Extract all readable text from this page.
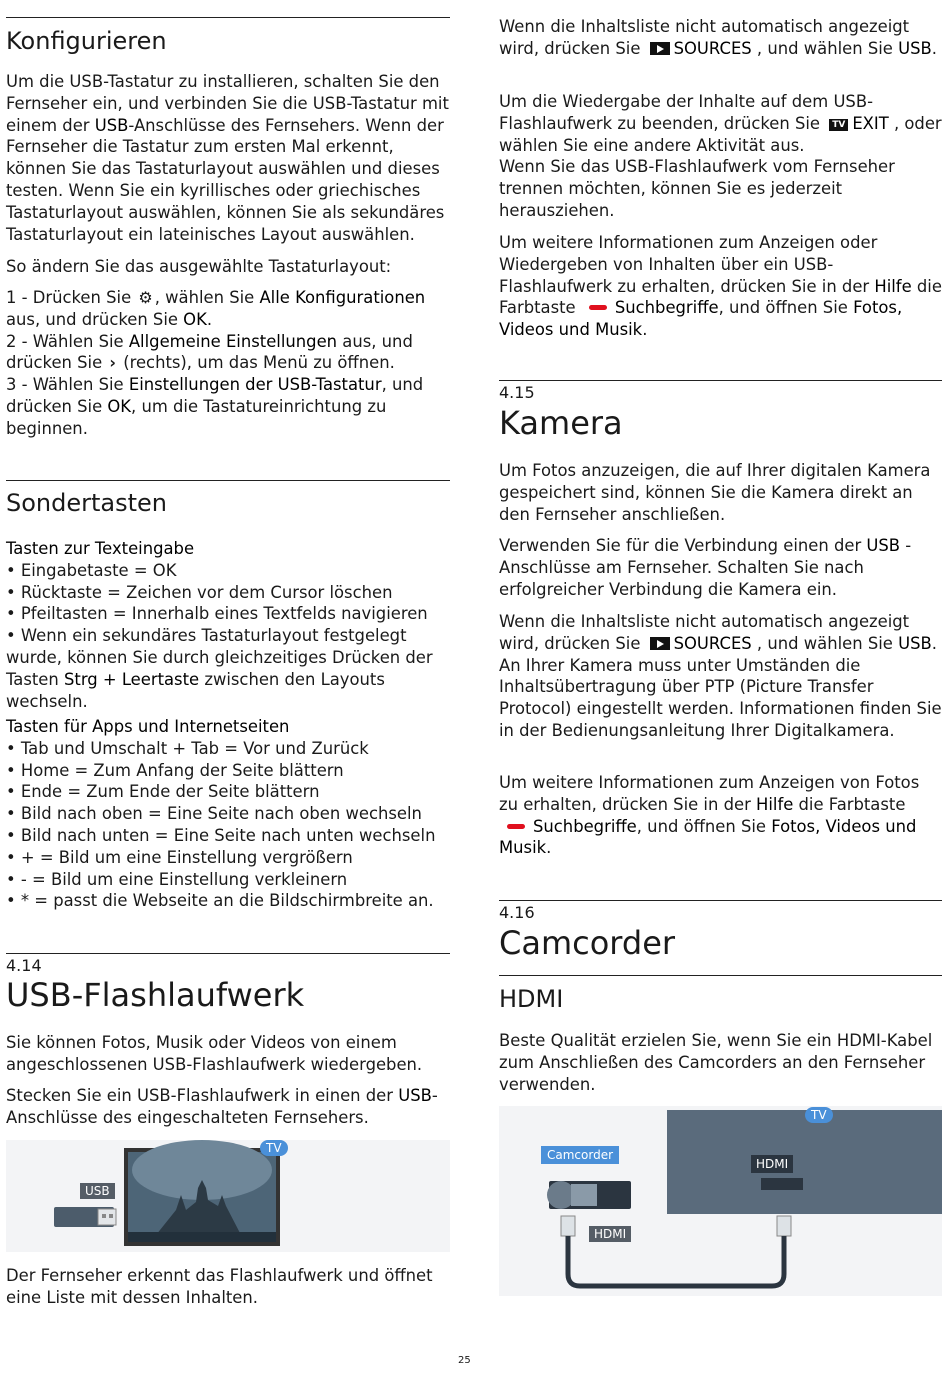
Konfigurieren

Um die USB-Tastatur zu installieren, schalten Sie den Fernseher ein, und verbinden Sie die USB-Tastatur mit einem der USB-Anschlüsse des Fernsehers. Wenn der Fernseher die Tastatur zum ersten Mal erkennt, können Sie das Tastaturlayout auswählen und dieses testen. Wenn Sie ein kyrillisches oder griechisches Tastaturlayout auswählen, können Sie als sekundäres Tastaturlayout ein lateinisches Layout auswählen.

So ändern Sie das ausgewählte Tastaturlayout:

1 - Drücken Sie ⚙ , wählen Sie Alle Konfigurationen aus, und drücken Sie OK.
2 - Wählen Sie Allgemeine Einstellungen aus, und drücken Sie › (rechts), um das Menü zu öffnen.
3 - Wählen Sie Einstellungen der USB-Tastatur, und drücken Sie OK, um die Tastatureinrichtung zu beginnen.

Sondertasten

Tasten zur Texteingabe
• Eingabetaste = OK
• Rücktaste = Zeichen vor dem Cursor löschen
• Pfeiltasten = Innerhalb eines Textfelds navigieren
• Wenn ein sekundäres Tastaturlayout festgelegt wurde, können Sie durch gleichzeitiges Drücken der Tasten Strg + Leertaste zwischen den Layouts wechseln.

Tasten für Apps und Internetseiten
• Tab und Umschalt + Tab = Vor und Zurück
• Home = Zum Anfang der Seite blättern
• Ende = Zum Ende der Seite blättern
• Bild nach oben = Eine Seite nach oben wechseln
• Bild nach unten = Eine Seite nach unten wechseln
• + = Bild um eine Einstellung vergrößern
• - = Bild um eine Einstellung verkleinern
• * = passt die Webseite an die Bildschirmbreite an.

4.14
USB-Flashlaufwerk

Sie können Fotos, Musik oder Videos von einem angeschlossenen USB-Flashlaufwerk wiedergeben.

Stecken Sie ein USB-Flashlaufwerk in einen der USB-Anschlüsse des eingeschalteten Fernsehers.

TV
USB

Der Fernseher erkennt das Flashlaufwerk und öffnet eine Liste mit dessen Inhalten.

Wenn die Inhaltsliste nicht automatisch angezeigt wird, drücken Sie SOURCES , und wählen Sie USB.

Um die Wiedergabe der Inhalte auf dem USB-Flashlaufwerk zu beenden, drücken Sie TV EXIT , oder wählen Sie eine andere Aktivität aus.
Wenn Sie das USB-Flashlaufwerk vom Fernseher trennen möchten, können Sie es jederzeit herausziehen.

Um weitere Informationen zum Anzeigen oder Wiedergeben von Inhalten über ein USB-Flashlaufwerk zu erhalten, drücken Sie in der Hilfe die Farbtaste Suchbegriffe, und öffnen Sie Fotos, Videos und Musik.

4.15
Kamera

Um Fotos anzuzeigen, die auf Ihrer digitalen Kamera gespeichert sind, können Sie die Kamera direkt an den Fernseher anschließen.

Verwenden Sie für die Verbindung einen der USB -Anschlüsse am Fernseher. Schalten Sie nach erfolgreicher Verbindung die Kamera ein.

Wenn die Inhaltsliste nicht automatisch angezeigt wird, drücken Sie SOURCES , und wählen Sie USB.
An Ihrer Kamera muss unter Umständen die Inhaltsübertragung über PTP (Picture Transfer Protocol) eingestellt werden. Informationen finden Sie in der Bedienungsanleitung Ihrer Digitalkamera.

Um weitere Informationen zum Anzeigen von Fotos zu erhalten, drücken Sie in der Hilfe die Farbtaste Suchbegriffe, und öffnen Sie Fotos, Videos und Musik.

4.16
Camcorder
HDMI

Beste Qualität erzielen Sie, wenn Sie ein HDMI-Kabel zum Anschließen des Camcorders an den Fernseher verwenden.

TV
Camcorder
HDMI
HDMI
25
